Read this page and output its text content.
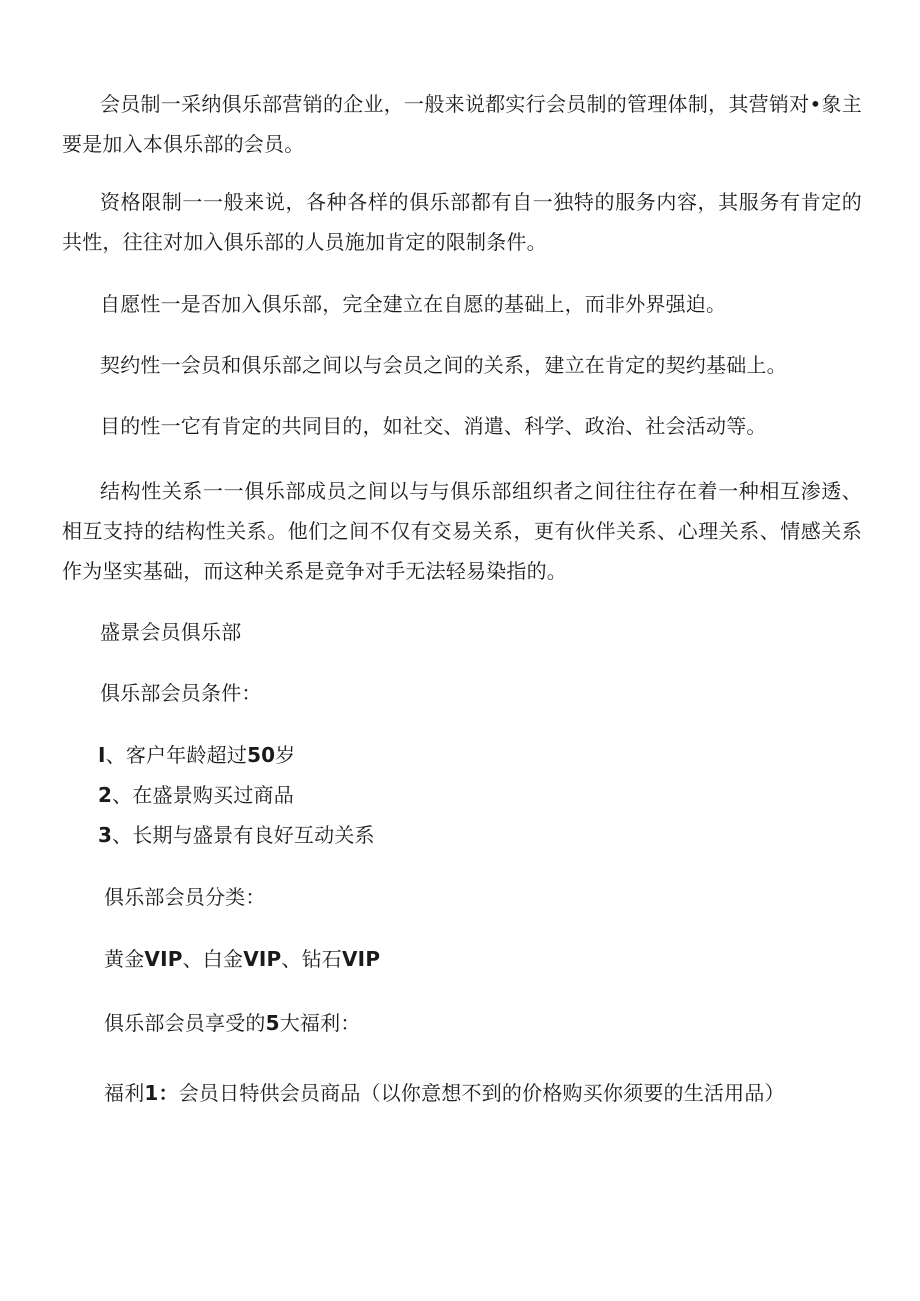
会员制一采纳俱乐部营销的企业，一般来说都实行会员制的管理体制，其营销对•象主要是加入本俱乐部的会员。

资格限制一一般来说，各种各样的俱乐部都有自一独特的服务内容，其服务有肯定的共性，往往对加入俱乐部的人员施加肯定的限制条件。

自愿性一是否加入俱乐部，完全建立在自愿的基础上，而非外界强迫。

契约性一会员和俱乐部之间以与会员之间的关系，建立在肯定的契约基础上。

目的性一它有肯定的共同目的，如社交、消遣、科学、政治、社会活动等。

结构性关系一一俱乐部成员之间以与与俱乐部组织者之间往往存在着一种相互渗透、相互支持的结构性关系。他们之间不仅有交易关系，更有伙伴关系、心理关系、情感关系作为坚实基础，而这种关系是竞争对手无法轻易染指的。

盛景会员俱乐部

俱乐部会员条件：

I、客户年龄超过50岁

2、在盛景购买过商品

3、长期与盛景有良好互动关系

俱乐部会员分类：

黄金VIP、白金VIP、钻石VIP

俱乐部会员享受的5大福利：

福利1：会员日特供会员商品（以你意想不到的价格购买你须要的生活用品）
